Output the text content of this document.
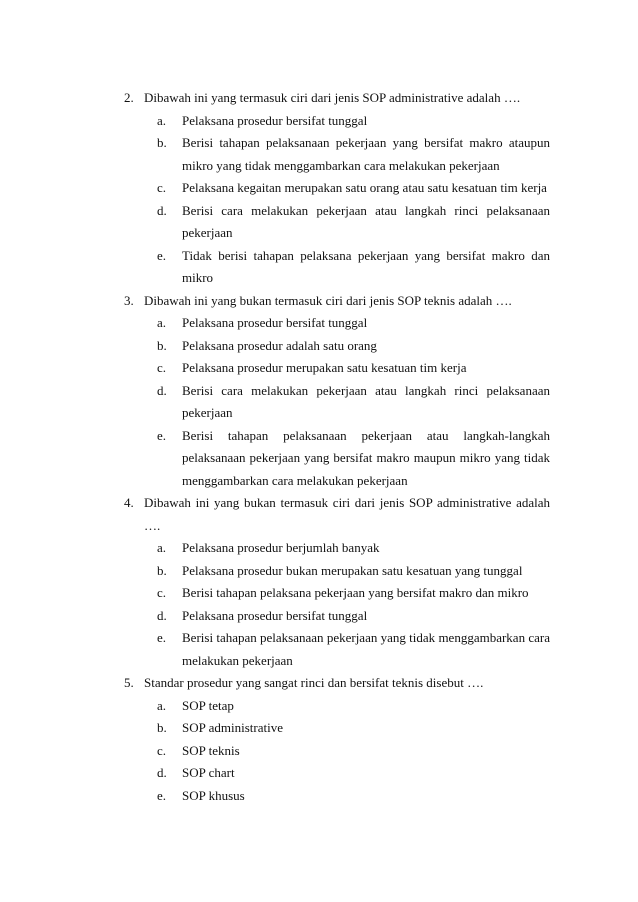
2. Dibawah ini yang termasuk ciri dari jenis SOP administrative adalah ….
a.	Pelaksana prosedur bersifat tunggal
b.	Berisi tahapan pelaksanaan pekerjaan yang bersifat makro ataupun mikro yang tidak menggambarkan cara melakukan pekerjaan
c.	Pelaksana kegaitan merupakan satu orang atau satu kesatuan tim kerja
d.	Berisi cara melakukan pekerjaan atau langkah rinci pelaksanaan pekerjaan
e.	Tidak berisi tahapan pelaksana pekerjaan yang bersifat makro dan mikro
3. Dibawah ini yang bukan termasuk ciri dari jenis SOP teknis adalah ….
a.	Pelaksana prosedur bersifat tunggal
b.	Pelaksana prosedur adalah satu orang
c.	Pelaksana prosedur merupakan satu kesatuan tim kerja
d.	Berisi cara melakukan pekerjaan atau langkah rinci pelaksanaan pekerjaan
e.	Berisi tahapan pelaksanaan pekerjaan atau langkah-langkah pelaksanaan pekerjaan yang bersifat makro maupun mikro yang tidak menggambarkan cara melakukan pekerjaan
4. Dibawah ini yang bukan termasuk ciri dari jenis SOP administrative adalah ….
a.	Pelaksana prosedur berjumlah banyak
b.	Pelaksana prosedur bukan merupakan satu kesatuan yang tunggal
c.	Berisi tahapan pelaksana pekerjaan yang bersifat makro dan mikro
d.	Pelaksana prosedur bersifat tunggal
e.	Berisi tahapan pelaksanaan pekerjaan yang tidak menggambarkan cara melakukan pekerjaan
5. Standar prosedur yang sangat rinci dan bersifat teknis disebut ….
a.	SOP tetap
b.	SOP administrative
c.	SOP teknis
d.	SOP chart
e.	SOP khusus
